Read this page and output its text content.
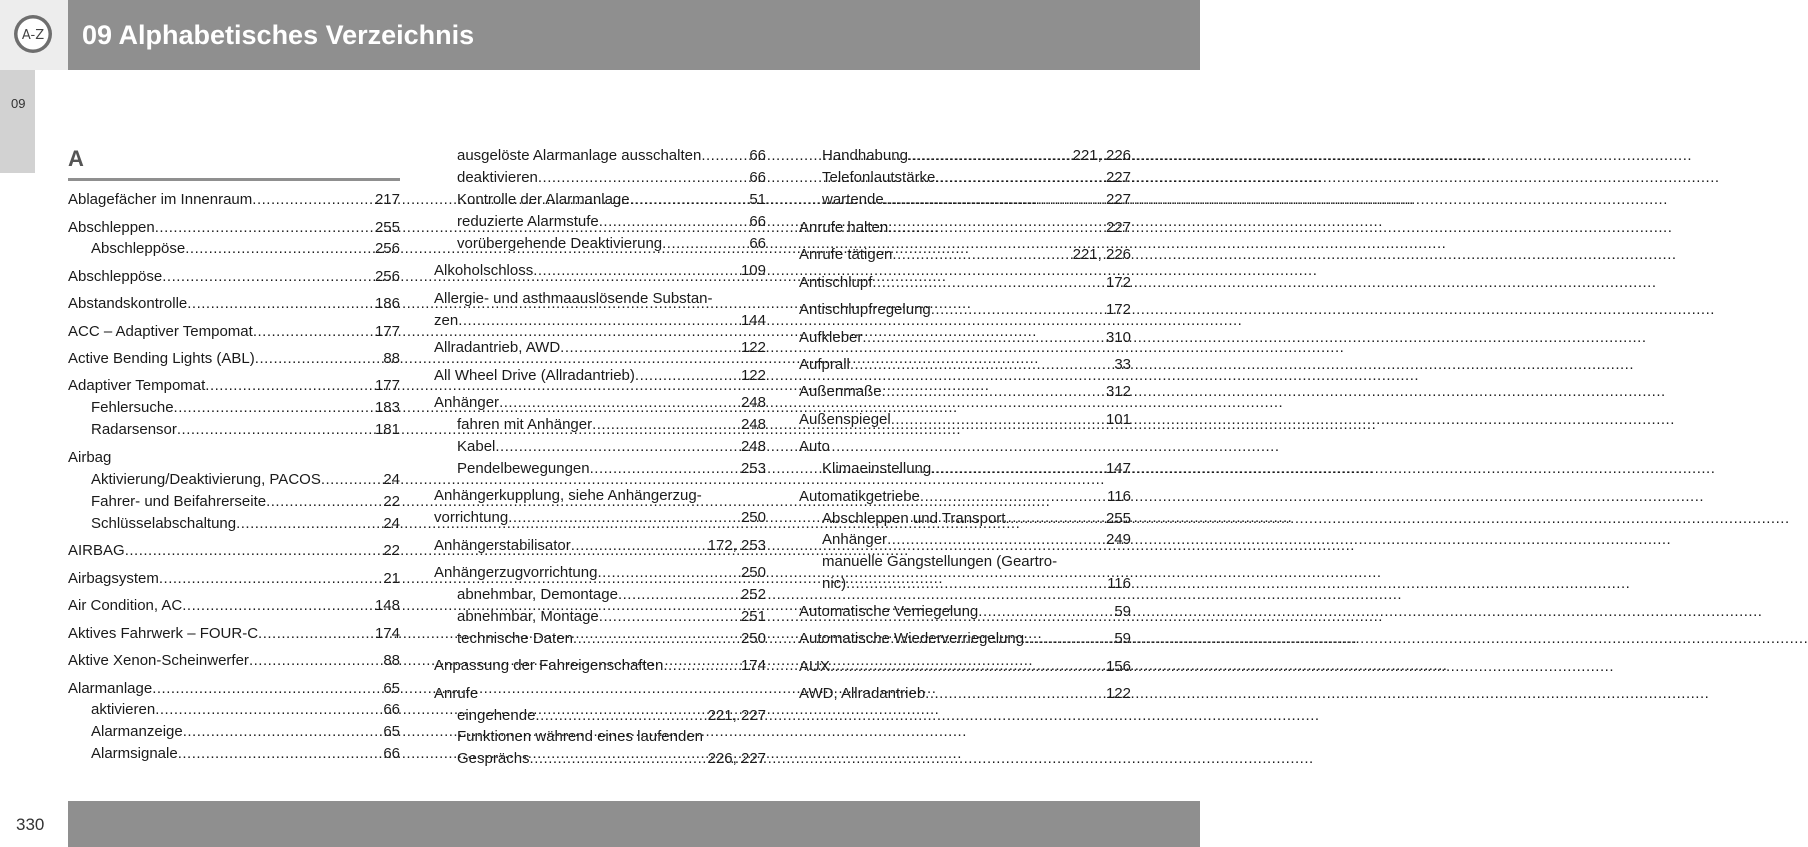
A-Z 09 Alphabetisches Verzeichnis
09
A
Ablagefächer im Innenraum .....	217
Abschleppen .....	255
Abschleppöse .....	256
Abschleppöse .....	256
Abstandskontrolle .....	186
ACC – Adaptiver Tempomat .....	177
Active Bending Lights (ABL) .....	88
Adaptiver Tempomat .....	177
Fehlersuche .....	183
Radarsensor .....	181
Airbag
Aktivierung/Deaktivierung, PACOS .....	24
Fahrer- und Beifahrerseite .....	22
Schlüsselabschaltung .....	24
AIRBAG .....	22
Airbagsystem .....	21
Air Condition, AC .....	148
Aktives Fahrwerk – FOUR-C .....	174
Aktive Xenon-Scheinwerfer .....	88
Alarmanlage .....	65
aktivieren .....	66
Alarmanzeige .....	65
Alarmsignale .....	66
ausgelöste Alarmanlage ausschalten .....	66
deaktivieren .....	66
Kontrolle der Alarmanlage .....	51
reduzierte Alarmstufe .....	66
vorübergehende Deaktivierung .....	66
Alkoholschloss .....	109
Allergie- und asthmaauslösende Substan-
zen .....	144
Allradantrieb, AWD .....	122
All Wheel Drive (Allradantrieb) .....	122
Anhänger .....	248
fahren mit Anhänger .....	248
Kabel .....	248
Pendelbewegungen .....	253
Anhängerkupplung, siehe Anhängerzug-
vorrichtung .....	250
Anhängerstabilisator .....	172, 253
Anhängerzugvorrichtung .....	250
abnehmbar, Demontage .....	252
abnehmbar, Montage .....	251
technische Daten .....	250
Anpassung der Fahreigenschaften .....	174
Anrufe
eingehende .....	221, 227
Funktionen während eines laufenden
Gesprächs .....	226, 227
Handhabung .....	221, 226
Telefonlautstärke .....	227
wartende .....	227
Anrufe halten .....	227
Anrufe tätigen .....	221, 226
Antischlupf .....	172
Antischlupfregelung .....	172
Aufkleber .....	310
Aufprall .....	33
Außenmaße .....	312
Außenspiegel .....	101
Auto
Klimaeinstellung .....	147
Automatikgetriebe .....	116
Abschleppen und Transport .....	255
Anhänger .....	249
manuelle Gangstellungen (Geartro-
nic) .....	116
Automatische Verriegelung .....	59
Automatische Wiederverriegelung .....	59
AUX .....	156
AWD, Allradantrieb .....	122
330
